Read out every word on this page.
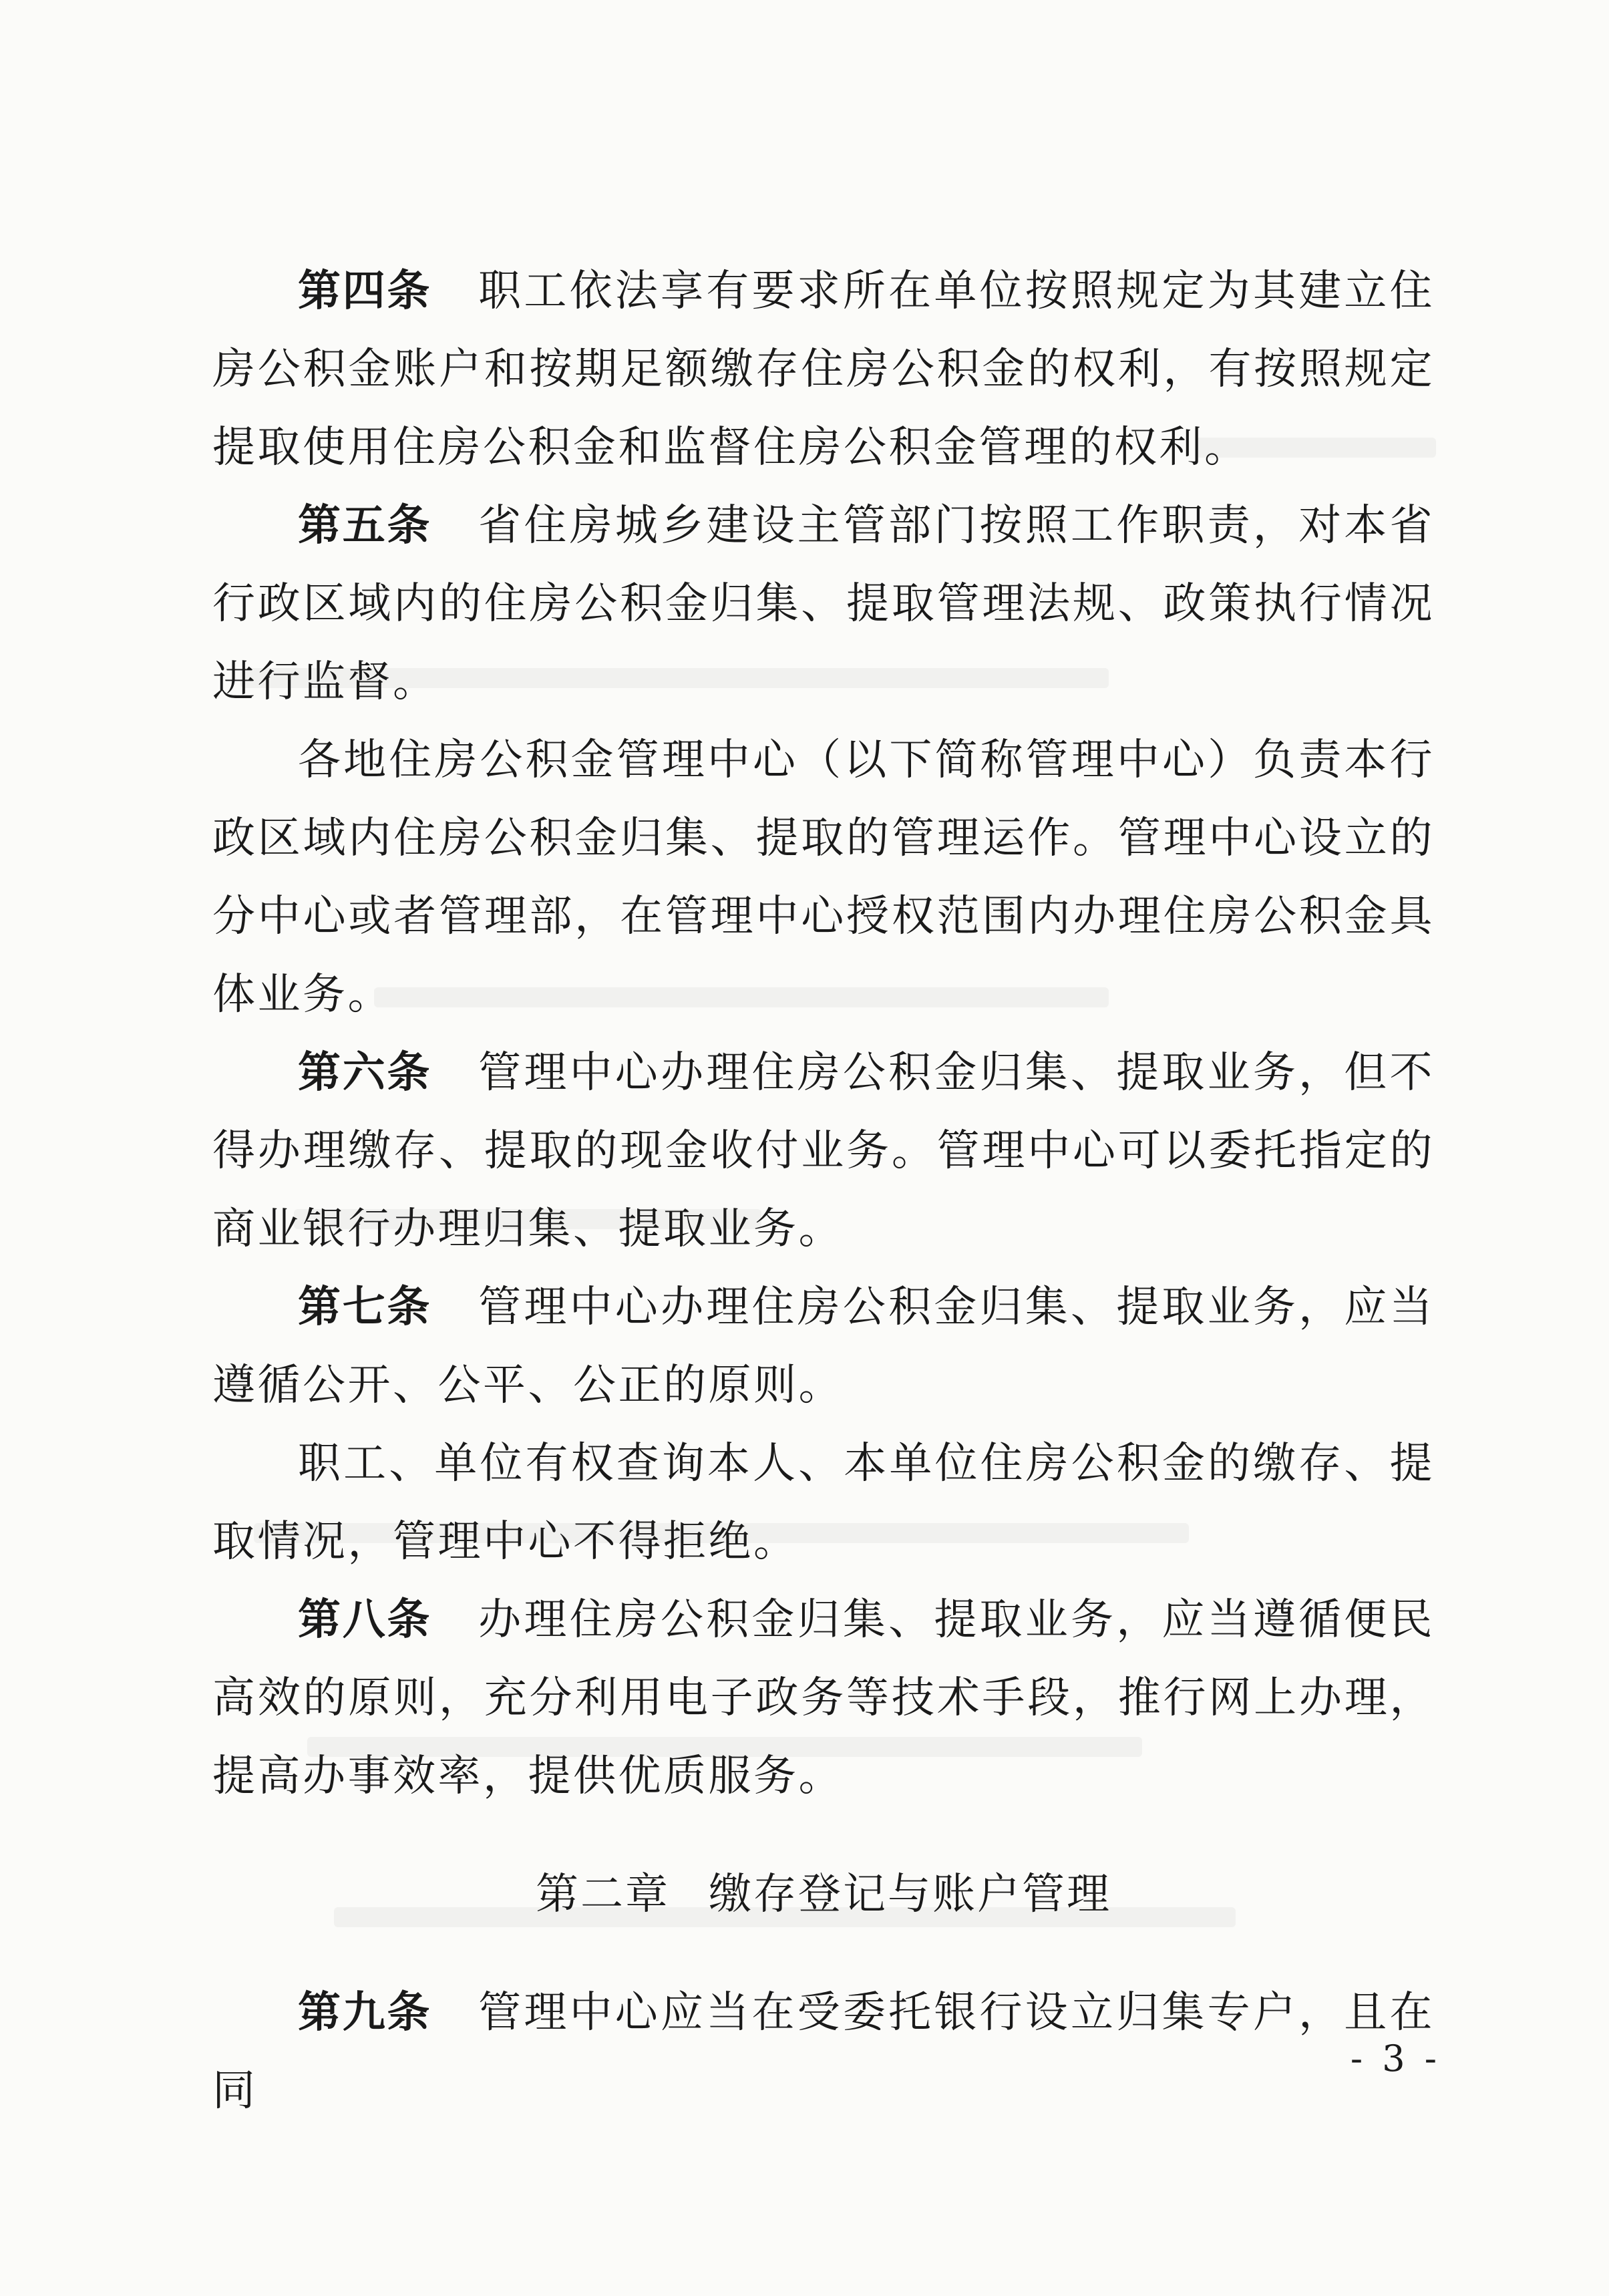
第四条 职工依法享有要求所在单位按照规定为其建立住房公积金账户和按期足额缴存住房公积金的权利，有按照规定提取使用住房公积金和监督住房公积金管理的权利。

第五条 省住房城乡建设主管部门按照工作职责，对本省行政区域内的住房公积金归集、提取管理法规、政策执行情况进行监督。

各地住房公积金管理中心（以下简称管理中心）负责本行政区域内住房公积金归集、提取的管理运作。管理中心设立的分中心或者管理部，在管理中心授权范围内办理住房公积金具体业务。

第六条 管理中心办理住房公积金归集、提取业务，但不得办理缴存、提取的现金收付业务。管理中心可以委托指定的商业银行办理归集、提取业务。

第七条 管理中心办理住房公积金归集、提取业务，应当遵循公开、公平、公正的原则。

职工、单位有权查询本人、本单位住房公积金的缴存、提取情况，管理中心不得拒绝。

第八条 办理住房公积金归集、提取业务，应当遵循便民高效的原则，充分利用电子政务等技术手段，推行网上办理，提高办事效率，提供优质服务。

第二章 缴存登记与账户管理

第九条 管理中心应当在受委托银行设立归集专户，且在同

- 3 -
